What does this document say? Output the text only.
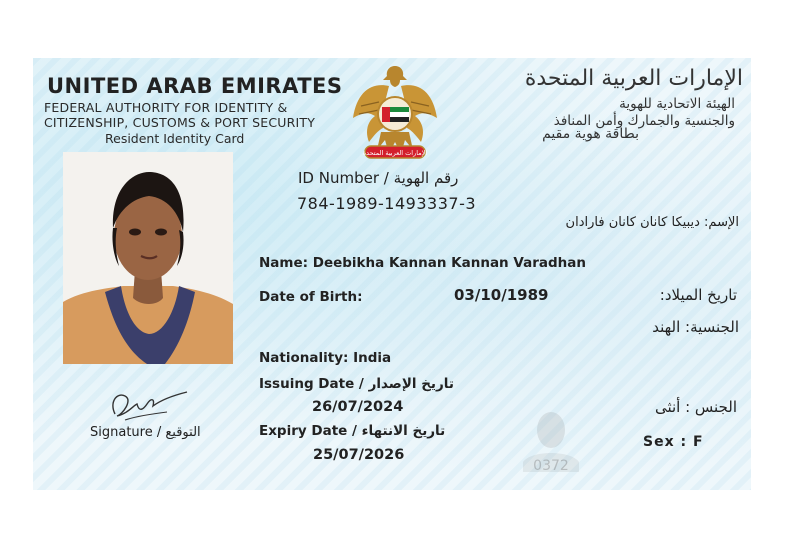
UNITED ARAB EMIRATES
FEDERAL AUTHORITY FOR IDENTITY &
CITIZENSHIP, CUSTOMS & PORT SECURITY
Resident Identity Card
الإمارات العربية المتحدة
الهيئة الاتحادية للهوية
والجنسية والجمارك وأمن المنافذ
بطاقة هوية مقيم
الإمارات العربية المتحدة
ID Number / رقم الهوية
784-1989-1493337-3
الإسم: ديبيكا كانان كانان فارادان
Name: Deebikha Kannan Kannan Varadhan
Date of Birth:	03/10/1989	تاريخ الميلاد:
الجنسية: الهند
Nationality: India
Issuing Date / تاريخ الإصدار
26/07/2024
Expiry Date / تاريخ الانتهاء
25/07/2026
الجنس : أنثى
Sex : F
Signature / التوقيع
0372
